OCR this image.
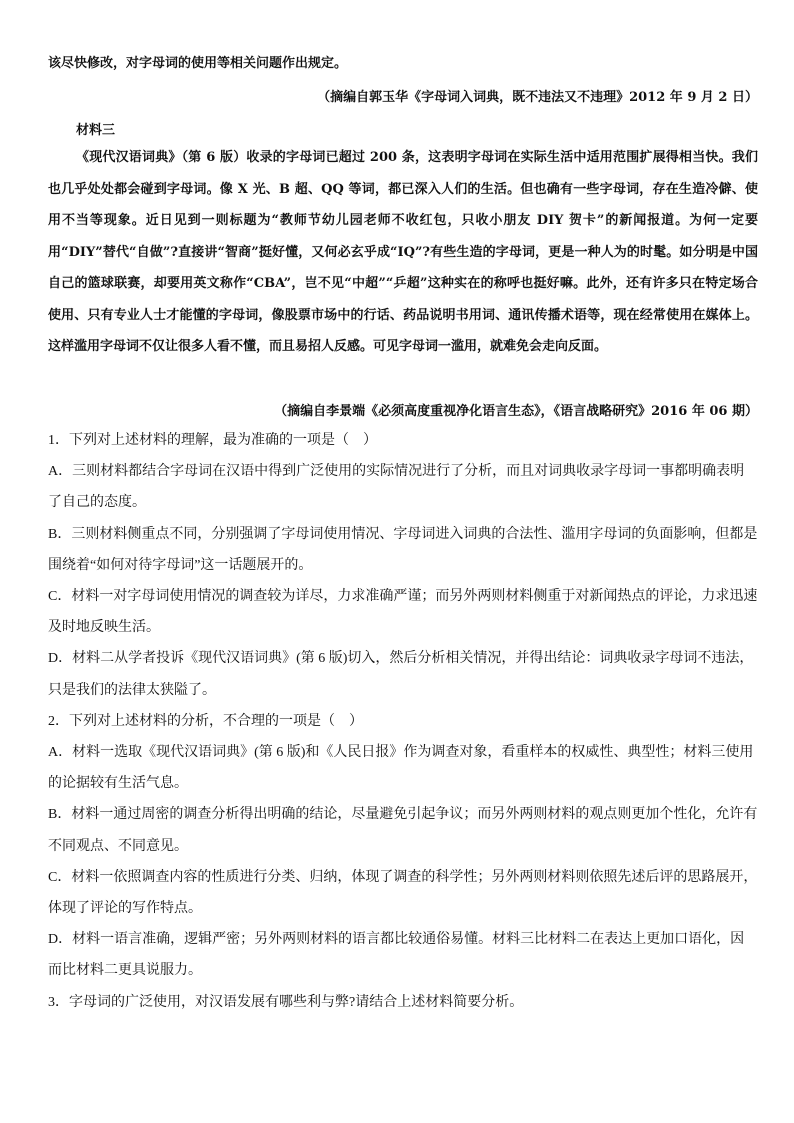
该尽快修改，对字母词的使用等相关问题作出规定。
（摘编自郭玉华《字母词入词典，既不违法又不违理》2012 年 9 月 2 日）
材料三
《现代汉语词典》（第 6 版）收录的字母词已超过 200 条，这表明字母词在实际生活中适用范围扩展得相当快。我们也几乎处处都会碰到字母词。像 X 光、B 超、QQ 等词，都已深入人们的生活。但也确有一些字母词，存在生造冷僻、使用不当等现象。近日见到一则标题为“教师节幼儿园老师不收红包，只收小朋友 DIY 贺卡”的新闻报道。为何一定要用“DIY”替代“自做”?直接讲“智商”挺好懂，又何必玄乎成“IQ”?有些生造的字母词，更是一种人为的时髦。如分明是中国自己的篮球联赛，却要用英文称作“CBA”，岂不见“中超”“乒超”这种实在的称呼也挺好嘛。此外，还有许多只在特定场合使用、只有专业人士才能懂的字母词，像股票市场中的行话、药品说明书用词、通讯传播术语等，现在经常使用在媒体上。这样滥用字母词不仅让很多人看不懂，而且易招人反感。可见字母词一滥用，就难免会走向反面。
（摘编自李景端《必须高度重视净化语言生态》，《语言战略研究》2016 年 06 期）
1．下列对上述材料的理解，最为准确的一项是（　）
A．三则材料都结合字母词在汉语中得到广泛使用的实际情况进行了分析，而且对词典收录字母词一事都明确表明了自己的态度。
B．三则材料侧重点不同，分别强调了字母词使用情况、字母词进入词典的合法性、滥用字母词的负面影响，但都是围绕着“如何对待字母词”这一话题展开的。
C．材料一对字母词使用情况的调查较为详尽，力求准确严谨；而另外两则材料侧重于对新闻热点的评论，力求迅速及时地反映生活。
D．材料二从学者投诉《现代汉语词典》(第 6 版)切入，然后分析相关情况，并得出结论：词典收录字母词不违法，只是我们的法律太狭隘了。
2．下列对上述材料的分析，不合理的一项是（　）
A．材料一选取《现代汉语词典》(第 6 版)和《人民日报》作为调查对象，看重样本的权威性、典型性；材料三使用的论据较有生活气息。
B．材料一通过周密的调查分析得出明确的结论，尽量避免引起争议；而另外两则材料的观点则更加个性化，允许有不同观点、不同意见。
C．材料一依照调查内容的性质进行分类、归纳，体现了调查的科学性；另外两则材料则依照先述后评的思路展开，体现了评论的写作特点。
D．材料一语言准确，逻辑严密；另外两则材料的语言都比较通俗易懂。材料三比材料二在表达上更加口语化，因而比材料二更具说服力。
3．字母词的广泛使用，对汉语发展有哪些利与弊?请结合上述材料简要分析。
